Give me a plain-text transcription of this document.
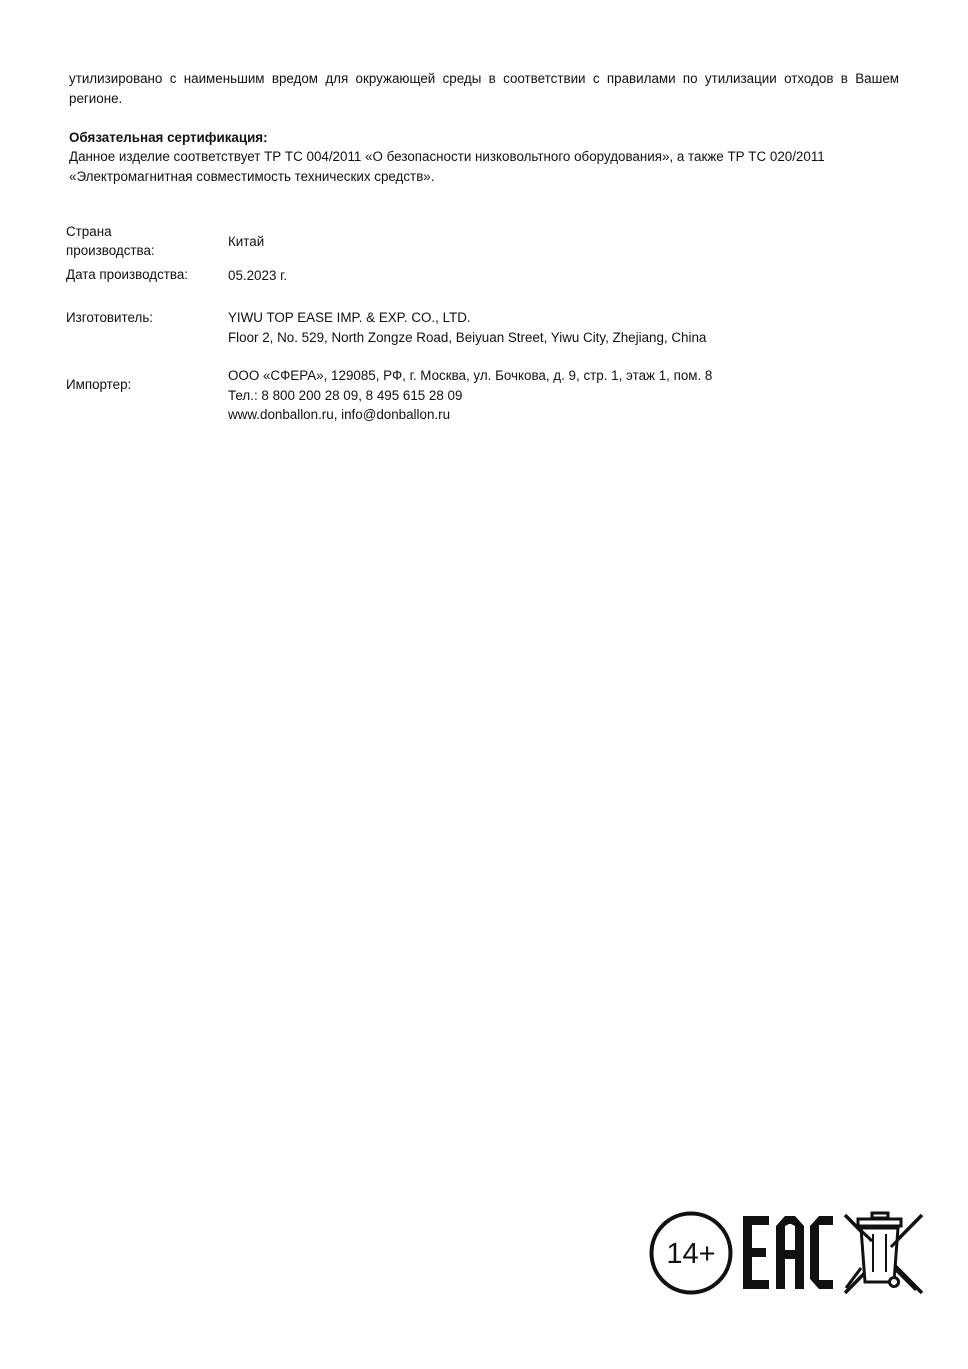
утилизировано с наименьшим вредом для окружающей среды в соответствии с правилами по утилизации отходов в Вашем регионе.
Обязательная сертификация:
Данное изделие соответствует ТР ТС 004/2011 «О безопасности низковольтного оборудования», а также ТР ТС 020/2011 «Электромагнитная совместимость технических средств».
Страна производства:
Китай
Дата производства:	05.2023 г.
Изготовитель:	YIWU TOP EASE IMP. & EXP. CO., LTD.
Floor 2, No. 529, North Zongze Road, Beiyuan Street, Yiwu City, Zhejiang, China
Импортер:
ООО «СФЕРА», 129085, РФ, г. Москва, ул. Бочкова, д. 9, стр. 1, этаж 1, пом. 8
Тел.: 8 800 200 28 09, 8 495 615 28 09
www.donballon.ru, info@donballon.ru
14+
